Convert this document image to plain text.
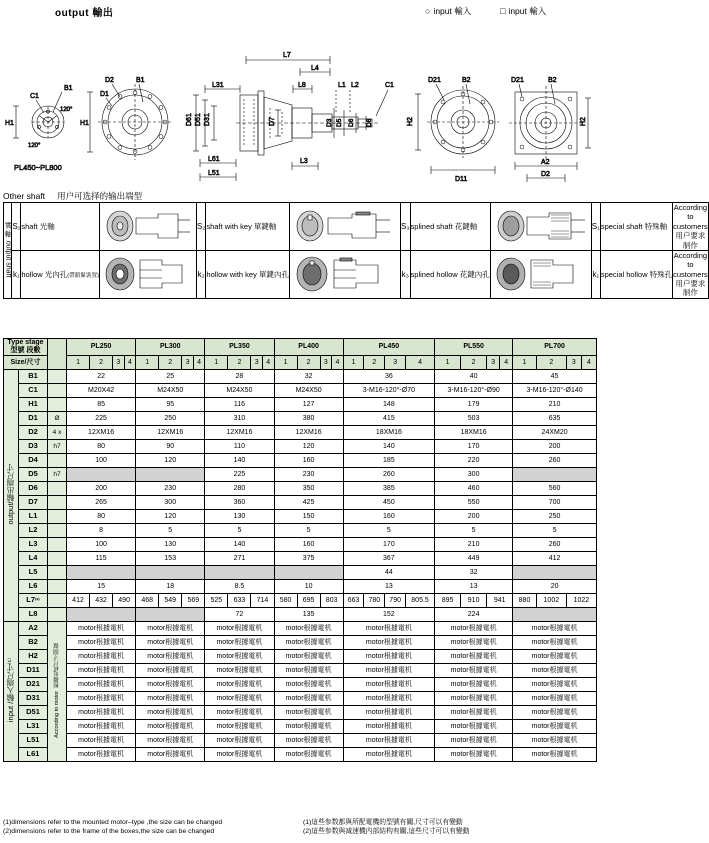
output 輸出	○ input 輸入	□ input 輸入
C1
B1
120°
120°
H1
PL450~PL800
D2	B1
D1
H1
L7
L4
L31	L8	L1 L2	C1
D61 D51 D31	D7	D3 D5 D6 D6
L61
L51
L3
D21	B2
H2
D11
D21	B2
H2
A2
D2
Other shaft 用户可选择的输出端型
output shaft  實 軸	S₁	shaft 光軸		S₂	shaft with key 單鍵軸		S₃	splined shaft 花鍵軸		S₁	special shaft 特殊軸	According to customers
用户要求制作

	k₁	hollow 光內孔(帶鎖緊裝置)		k₂	hollow with key 單鍵內孔		k₃	splined hollow 花鍵內孔		k₁	special hollow 特殊孔	According to customers
用户要求制作
Type stage
型號 段數			PL250				PL300				PL350				PL400				PL450				PL550				PL700			
Size/尺寸			1	2	3	4	1	2	3	4	1	2	3	4	1	2	3	4	1	2	3	4	1	2	3	4	1	2	3	4
output/輸出端尺寸	B1		22				25				28				32				36				40				45			
	C1		M20X42				M24X50				M24X50				M24X50				3-M16-120°-Ø70				3-M16-120°-Ø90				3-M16-120°-Ø140			
	H1		85				95				116				127				148				179				210			
	D1	Ø	225				250				310				380				415				503				635			
	D2	4 x	12XM16				12XM16				12XM16				12XM16				18XM16				18XM16				24XM20			
	D3	h7	80				90				110				120				140				170				200			
	D4		100				120				140				160				185				220				260			
	D5	h7									225				230				260				300							
	D6		200				230				280				350				385				460				560			
	D7		265				300				360				425				450				550				700			
	L1		80				120				130				150				160				200				250			
	L2		8				5				5				5				5				5				5			
	L3		100				130				140				160				170				210				260			
	L4		115				153				271				375				367				449				412			
	L5																		44				32							
	L6		15				18				8.5				10				13				13				20			
	L7⁽²⁾		412	432	490		468	549	569		525	633	714		580	695	803		663	780	790	805.5	895	910	941		880	1002	1022	
	L8										72				135				152				224							
input /輸入端尺寸⁽¹⁾	A2	According to motor  根據电机尺寸制做	motor根據電机				motor根據電机				motor根據電机				motor根據電机				motor根據電机				motor根據電机				motor根據電机			
	B2		motor根據電机				motor根據電机				motor根據電机				motor根據電机				motor根據電机				motor根據電机				motor根據電机			
	H2		motor根據電机				motor根據電机				motor根據電机				motor根據電机				motor根據電机				motor根據電机				motor根據電机			
	D11		motor根據電机				motor根據電机				motor根據電机				motor根據電机				motor根據電机				motor根據電机				motor根據電机			
	D21		motor根據電机				motor根據電机				motor根據電机				motor根據電机				motor根據電机				motor根據電机				motor根據電机			
	D31		motor根據電机				motor根據電机				motor根據電机				motor根據電机				motor根據電机				motor根據電机				motor根據電机			
	D51		motor根據電机				motor根據電机				motor根據電机				motor根據電机				motor根據電机				motor根據電机				motor根據電机			
	L31		motor根據電机				motor根據電机				motor根據電机				motor根據電机				motor根據電机				motor根據電机				motor根據電机			
	L51		motor根據電机				motor根據電机				motor根據電机				motor根據電机				motor根據電机				motor根據電机				motor根據電机			
	L61		motor根據電机				motor根據電机				motor根據電机				motor根據電机				motor根據電机				motor根據電机				motor根據電机			
(1)dimensions refer to the mounted motor–type ,the size can be changed
(2)dimensions refer to the frame of the boxes,the size can be changed
(1)這些参数都與所配電機的型號有關,尺寸可以有變動
(2)這些参数與减速機内部結构有關,這些尺寸可以有變動
